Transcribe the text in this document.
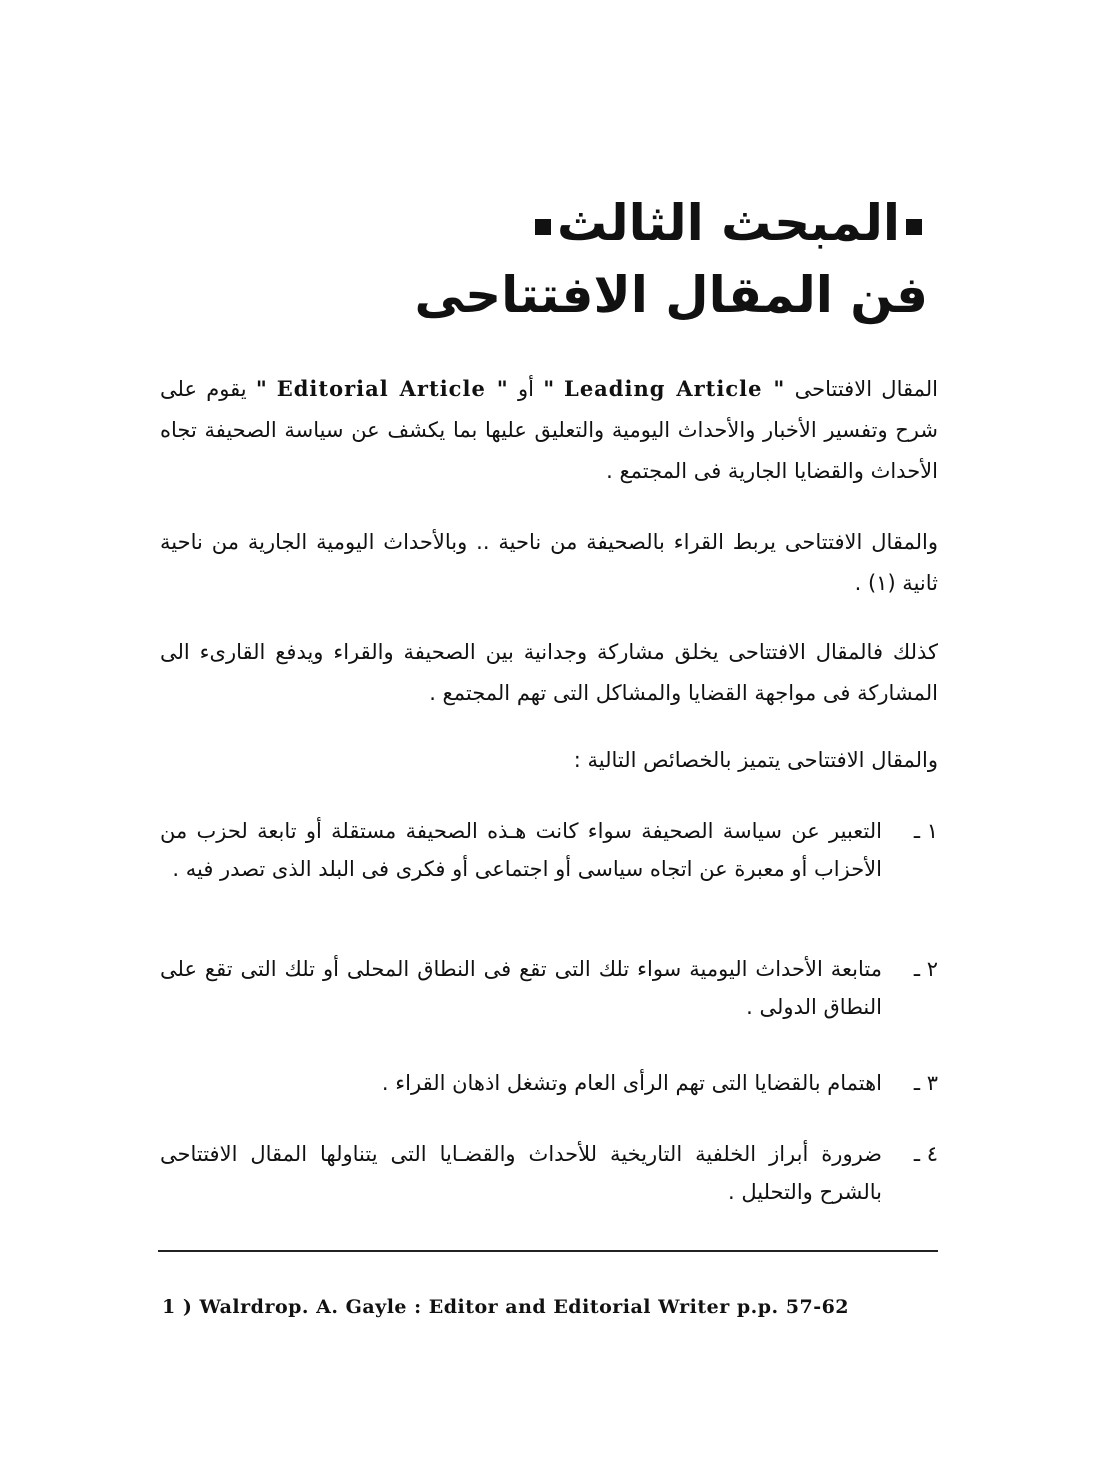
المبحث الثالث
فن المقال الافتتاحى

المقال الافتتاحى " Leading Article " أو " Editorial Article " يقوم على شرح وتفسير الأخبار والأحداث اليومية والتعليق عليها بما يكشف عن سياسة الصحيفة تجاه الأحداث والقضايا الجارية فى المجتمع .

والمقال الافتتاحى يربط القراء بالصحيفة من ناحية .. وبالأحداث اليومية الجارية من ناحية ثانية (١) .

كذلك فالمقال الافتتاحى يخلق مشاركة وجدانية بين الصحيفة والقراء ويدفع القارىء الى المشاركة فى مواجهة القضايا والمشاكل التى تهم المجتمع .

والمقال الافتتاحى يتميز بالخصائص التالية :

١ ـ

التعبير عن سياسة الصحيفة سواء كانت هـذه الصحيفة مستقلة أو تابعة لحزب من الأحزاب أو معبرة عن اتجاه سياسى أو اجتماعى أو فكرى فى البلد الذى تصدر فيه .

٢ ـ

متابعة الأحداث اليومية سواء تلك التى تقع فى النطاق المحلى أو تلك التى تقع على النطاق الدولى .

٣ ـ

اهتمام بالقضايا التى تهم الرأى العام وتشغل اذهان القراء .

٤ ـ

ضرورة أبراز الخلفية التاريخية للأحداث والقضـايا التى يتناولها المقال الافتتاحى بالشرح والتحليل .

1 ) Walrdrop. A. Gayle : Editor and Editorial Writer p.p. 57-62
